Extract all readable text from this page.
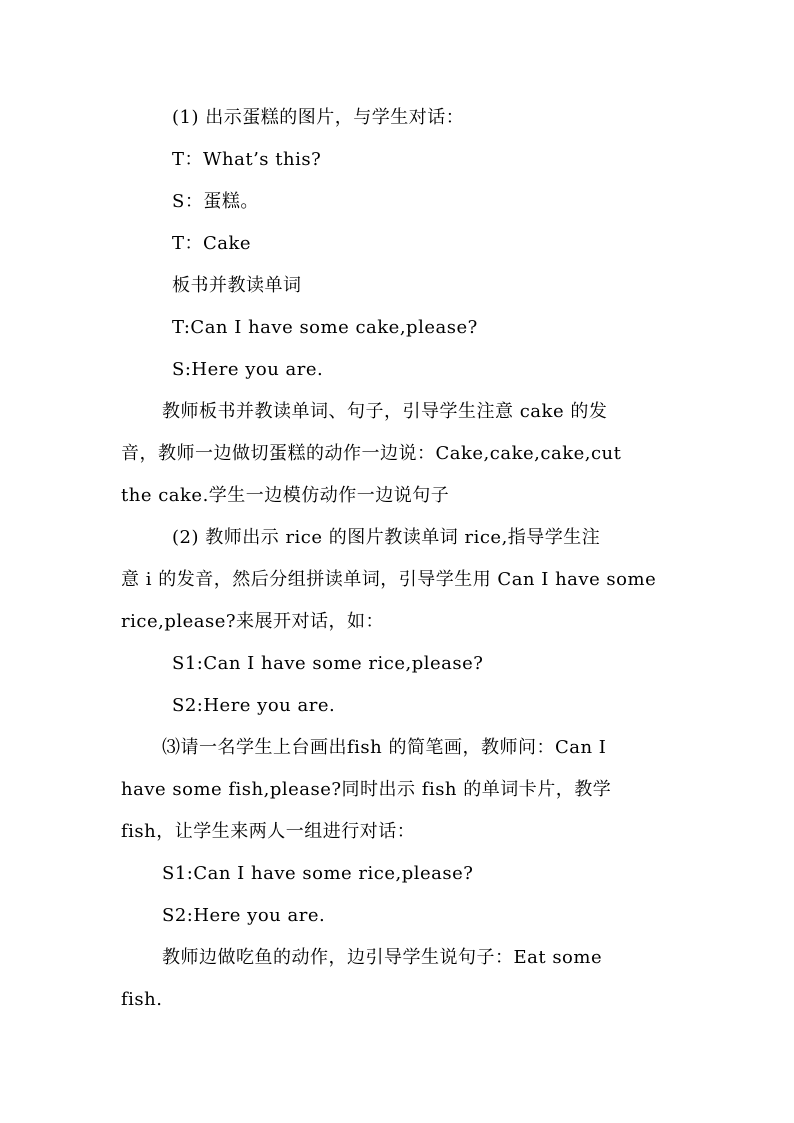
(1) 出示蛋糕的图片，与学生对话：
T：What’s this?
S：蛋糕。
T：Cake
板书并教读单词
T:Can I have some cake,please?
S:Here you are.
教师板书并教读单词、句子，引导学生注意 cake 的发
音，教师一边做切蛋糕的动作一边说：Cake,cake,cake,cut
the cake.学生一边模仿动作一边说句子
(2) 教师出示 rice 的图片教读单词 rice,指导学生注
意 i 的发音，然后分组拼读单词，引导学生用 Can I have some
rice,please?来展开对话，如：
S1:Can I have some rice,please?
S2:Here you are.
⑶请一名学生上台画出fish 的简笔画，教师问：Can I
have some fish,please?同时出示 fish 的单词卡片，教学
fish，让学生来两人一组进行对话：
S1:Can I have some rice,please?
S2:Here you are.
教师边做吃鱼的动作，边引导学生说句子：Eat some
fish.
